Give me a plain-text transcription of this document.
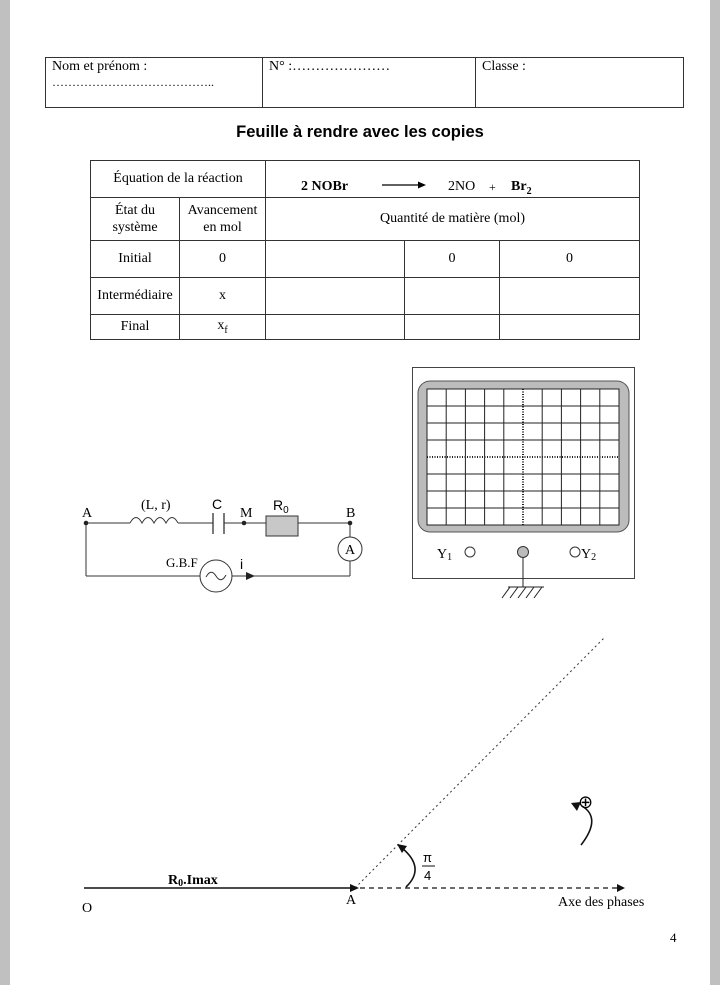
Nom et prénom :
…………………………………..

N° :…………………	Classe :
Feuille à rendre avec les copies
Équation de la réaction		2 NOBr → $2NO + Br_2$

État du système	Avancement en mol	Quantité de matière (mol)		
Initial	0		0	0
Intermédiaire	x			
Final	$x_f$			
A
(L, r)	C
M
$R_0$	B
A
G.B.F	i
Y1	Y2
π
4
⊕
R0.Imax
O
A	Axe des phases
4
